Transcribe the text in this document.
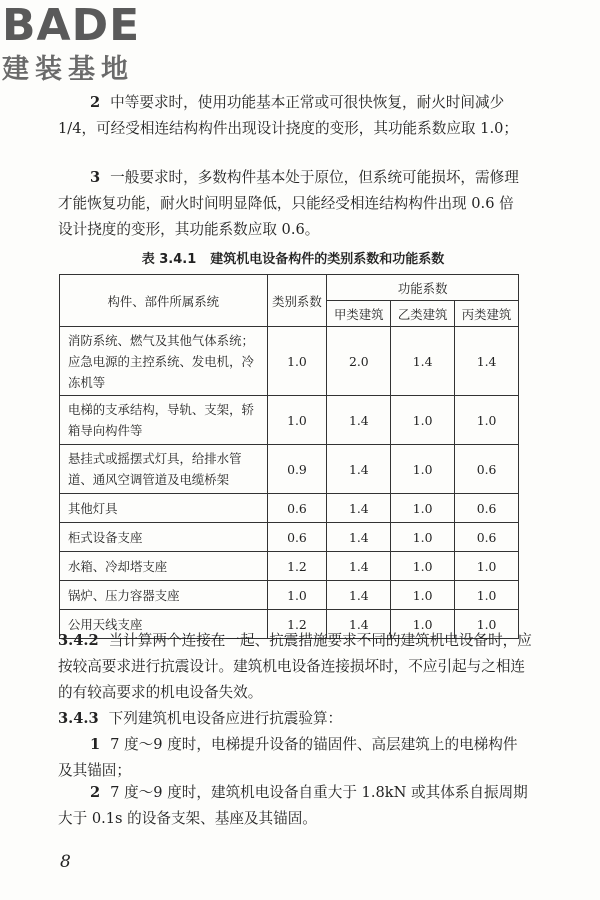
BADE
建装基地
2 中等要求时，使用功能基本正常或可很快恢复，耐火时间减少 1/4，可经受相连结构构件出现设计挠度的变形，其功能系数应取 1.0；
3 一般要求时，多数构件基本处于原位，但系统可能损坏，需修理才能恢复功能，耐火时间明显降低，只能经受相连结构构件出现 0.6 倍设计挠度的变形，其功能系数应取 0.6。
表 3.4.1 建筑机电设备构件的类别系数和功能系数
构件、部件所属系统	类别系数	功能系数		
		甲类建筑	乙类建筑	丙类建筑
消防系统、燃气及其他气体系统；应急电源的主控系统、发电机，冷冻机等	1.0	2.0	1.4	1.4
电梯的支承结构，导轨、支架，轿箱导向构件等	1.0	1.4	1.0	1.0
悬挂式或摇摆式灯具，给排水管道、通风空调管道及电缆桥架	0.9	1.4	1.0	0.6
其他灯具	0.6	1.4	1.0	0.6
柜式设备支座	0.6	1.4	1.0	0.6
水箱、冷却塔支座	1.2	1.4	1.0	1.0
锅炉、压力容器支座	1.0	1.4	1.0	1.0
公用天线支座	1.2	1.4	1.0	1.0
3.4.2 当计算两个连接在一起、抗震措施要求不同的建筑机电设备时，应按较高要求进行抗震设计。建筑机电设备连接损坏时，不应引起与之相连的有较高要求的机电设备失效。
3.4.3 下列建筑机电设备应进行抗震验算：
1 7 度～9 度时，电梯提升设备的锚固件、高层建筑上的电梯构件及其锚固；
2 7 度～9 度时，建筑机电设备自重大于 1.8kN 或其体系自振周期大于 0.1s 的设备支架、基座及其锚固。
8
